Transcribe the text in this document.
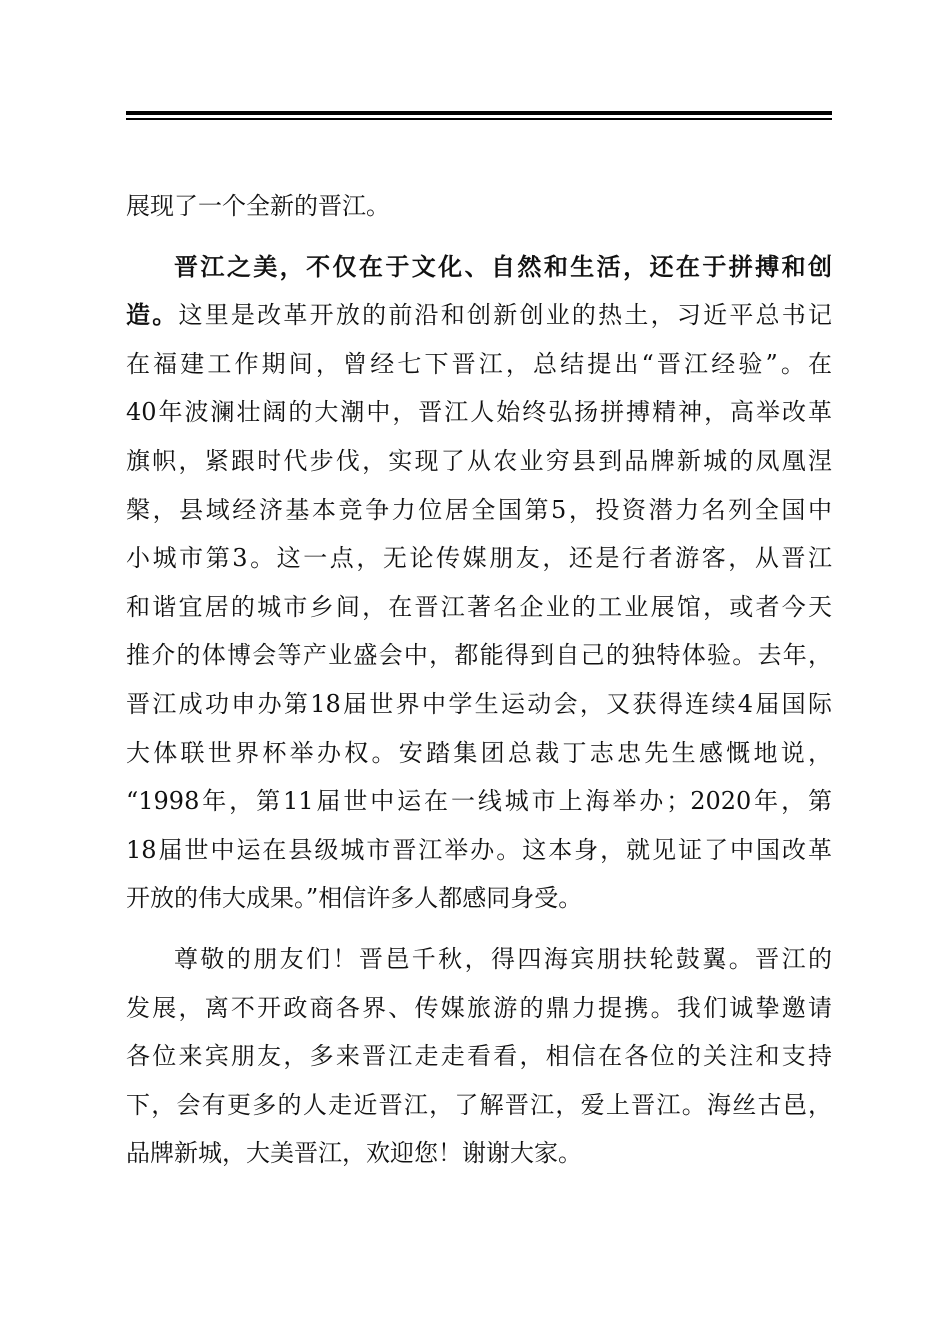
展现了一个全新的晋江。
晋江之美，不仅在于文化、自然和生活，还在于拼搏和创
造。这里是改革开放的前沿和创新创业的热土，习近平总书记
在福建工作期间，曾经七下晋江，总结提出“晋江经验”。在
40年波澜壮阔的大潮中，晋江人始终弘扬拼搏精神，高举改革
旗帜，紧跟时代步伐，实现了从农业穷县到品牌新城的凤凰涅
槃，县域经济基本竞争力位居全国第5，投资潜力名列全国中
小城市第3。这一点，无论传媒朋友，还是行者游客，从晋江
和谐宜居的城市乡间，在晋江著名企业的工业展馆，或者今天
推介的体博会等产业盛会中，都能得到自己的独特体验。去年，
晋江成功申办第18届世界中学生运动会，又获得连续4届国际
大体联世界杯举办权。安踏集团总裁丁志忠先生感慨地说，
“1998年，第11届世中运在一线城市上海举办；2020年，第
18届世中运在县级城市晋江举办。这本身，就见证了中国改革
开放的伟大成果。”相信许多人都感同身受。
尊敬的朋友们！晋邑千秋，得四海宾朋扶轮鼓翼。晋江的
发展，离不开政商各界、传媒旅游的鼎力提携。我们诚挚邀请
各位来宾朋友，多来晋江走走看看，相信在各位的关注和支持
下，会有更多的人走近晋江，了解晋江，爱上晋江。海丝古邑，
品牌新城，大美晋江，欢迎您！谢谢大家。
